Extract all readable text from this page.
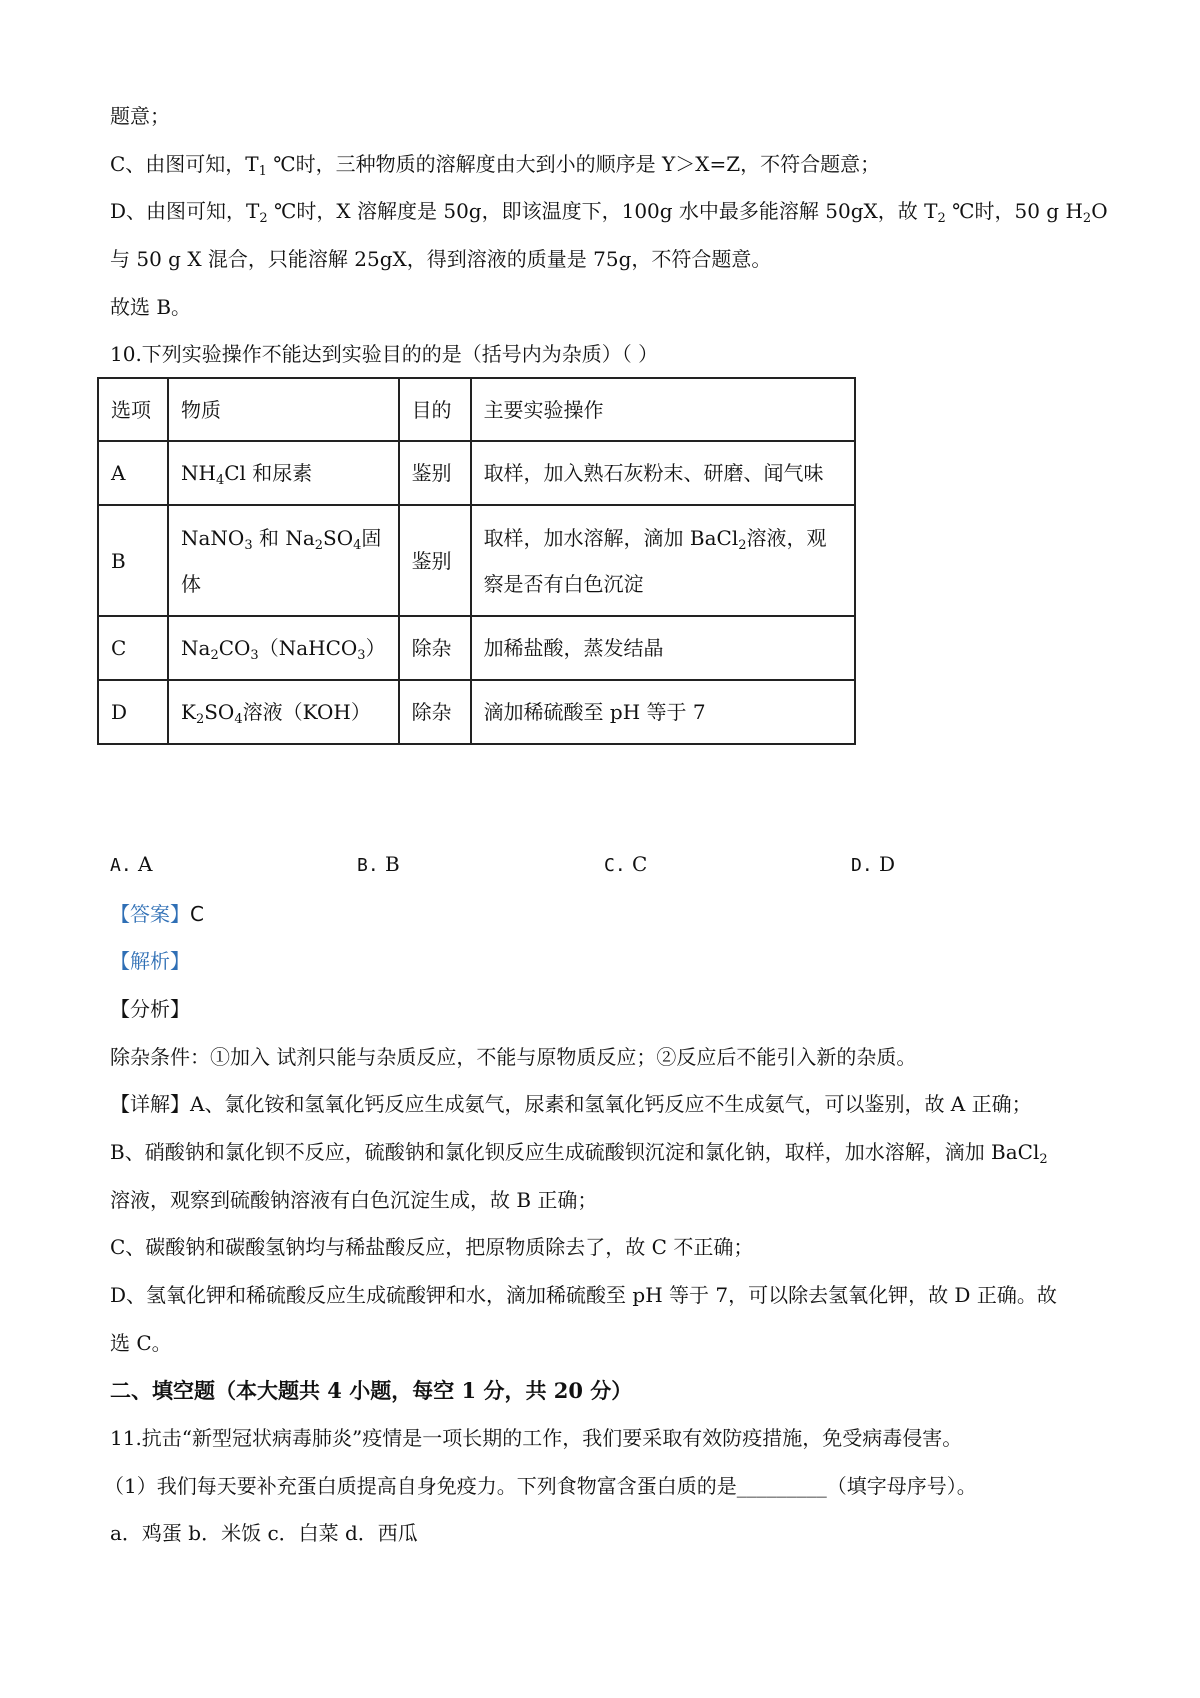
题意；
C、由图可知，$T_1$ ℃时，三种物质的溶解度由大到小的顺序是 Y＞X=Z，不符合题意；
D、由图可知，$T_2$ ℃时，X 溶解度是 50g，即该温度下，100g 水中最多能溶解 50gX，故 $T_2$ ℃时，50 g $H_2O$
与 50 g X 混合，只能溶解 25gX，得到溶液的质量是 75g，不符合题意。
故选 B。
10.下列实验操作不能达到实验目的的是（括号内为杂质）（ ）
选项	物质	目的	主要实验操作
A	$NH_4Cl$ 和尿素	鉴别	取样，加入熟石灰粉末、研磨、闻气味
B	NaNO$_3$ 和 $Na_2SO_4$固体	鉴别	取样，加水溶解，滴加 BaCl$_2$溶液，观察是否有白色沉淀
C	$Na_2CO_3(NaHCO_3)$	除杂	加稀盐酸，蒸发结晶
D	$K_2SO_4$溶液（KOH）	除杂	滴加稀硫酸至 pH 等于 7
A. A	B. B	C. C	D. D
【答案】C
【解析】
【分析】
除杂条件：①加入 试剂只能与杂质反应，不能与原物质反应；②反应后不能引入新的杂质。
【详解】A、氯化铵和氢氧化钙反应生成氨气，尿素和氢氧化钙反应不生成氨气，可以鉴别，故 A 正确；
B、硝酸钠和氯化钡不反应，硫酸钠和氯化钡反应生成硫酸钡沉淀和氯化钠，取样，加水溶解，滴加 BaCl$_2$
溶液，观察到硫酸钠溶液有白色沉淀生成，故 B 正确；
C、碳酸钠和碳酸氢钠均与稀盐酸反应，把原物质除去了，故 C 不正确；
D、氢氧化钾和稀硫酸反应生成硫酸钾和水，滴加稀硫酸至 pH 等于 7，可以除去氢氧化钾，故 D 正确。故
选 C。
二、填空题（本大题共 4 小题，每空 1 分，共 20 分）
11.抗击“新型冠状病毒肺炎”疫情是一项长期的工作，我们要采取有效防疫措施，免受病毒侵害。
（1）我们每天要补充蛋白质提高自身免疫力。下列食物富含蛋白质的是_________（填字母序号）。
a．鸡蛋 b．米饭 c．白菜 d．西瓜
